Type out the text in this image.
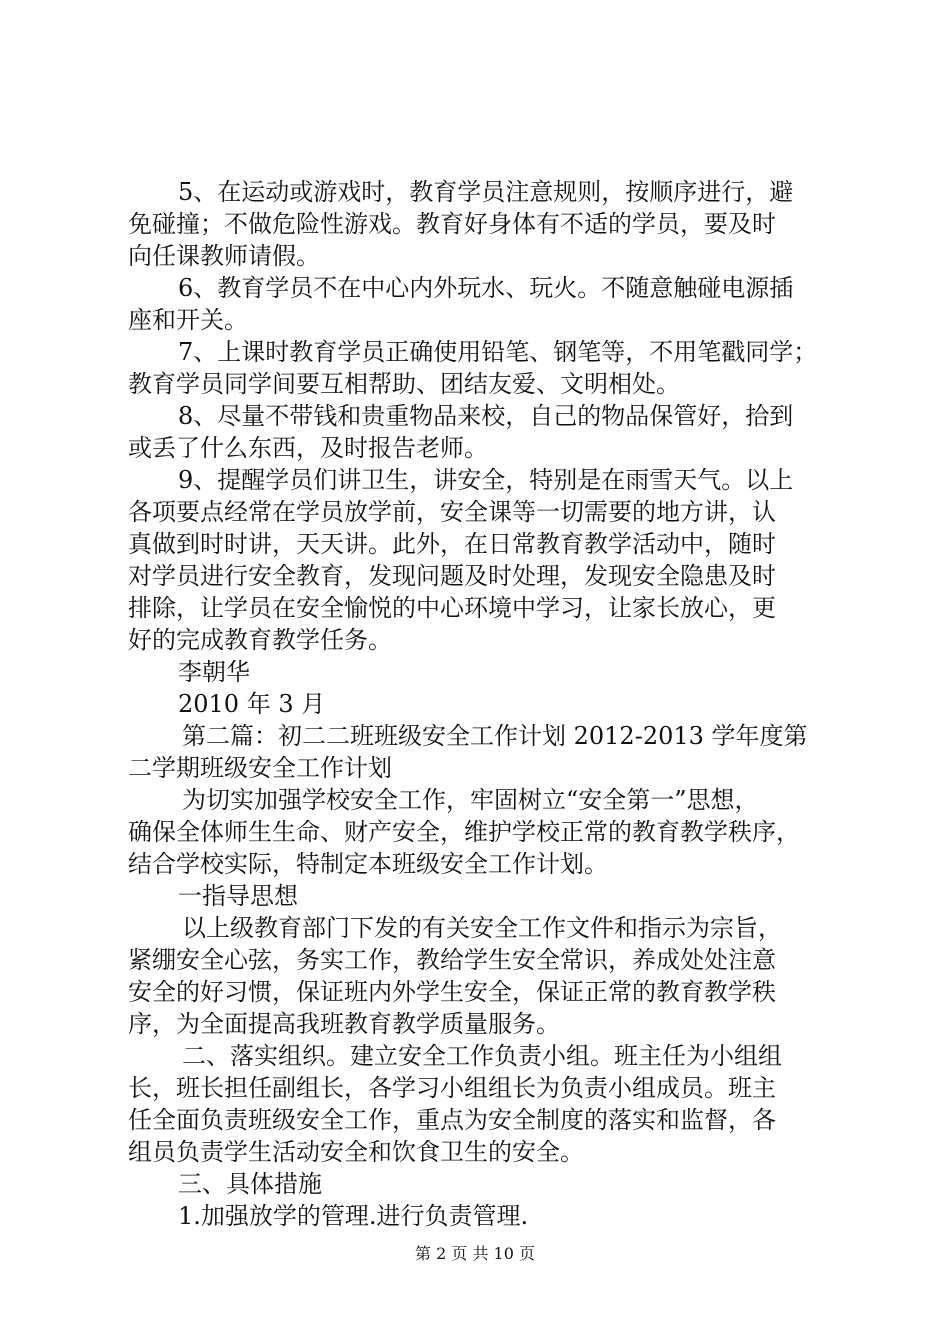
5、在运动或游戏时，教育学员注意规则，按顺序进行，避
免碰撞；不做危险性游戏。教育好身体有不适的学员，要及时
向任课教师请假。
6、教育学员不在中心内外玩水、玩火。不随意触碰电源插
座和开关。
7、上课时教育学员正确使用铅笔、钢笔等，不用笔戳同学；
教育学员同学间要互相帮助、团结友爱、文明相处。
8、尽量不带钱和贵重物品来校，自己的物品保管好，拾到
或丢了什么东西，及时报告老师。
9、提醒学员们讲卫生，讲安全，特别是在雨雪天气。以上
各项要点经常在学员放学前，安全课等一切需要的地方讲，认
真做到时时讲，天天讲。此外，在日常教育教学活动中，随时
对学员进行安全教育，发现问题及时处理，发现安全隐患及时
排除，让学员在安全愉悦的中心环境中学习，让家长放心，更
好的完成教育教学任务。
李朝华
2010 年 3 月
第二篇：初二二班班级安全工作计划 2012-2013 学年度第
二学期班级安全工作计划
为切实加强学校安全工作，牢固树立“安全第一”思想，
确保全体师生生命、财产安全，维护学校正常的教育教学秩序，
结合学校实际，特制定本班级安全工作计划。
一指导思想
以上级教育部门下发的有关安全工作文件和指示为宗旨，
紧绷安全心弦，务实工作，教给学生安全常识，养成处处注意
安全的好习惯，保证班内外学生安全，保证正常的教育教学秩
序，为全面提高我班教育教学质量服务。
二、落实组织。建立安全工作负责小组。班主任为小组组
长，班长担任副组长，各学习小组组长为负责小组成员。班主
任全面负责班级安全工作，重点为安全制度的落实和监督，各
组员负责学生活动安全和饮食卫生的安全。
三、具体措施
1.加强放学的管理.进行负责管理.
第 2 页 共 10 页
